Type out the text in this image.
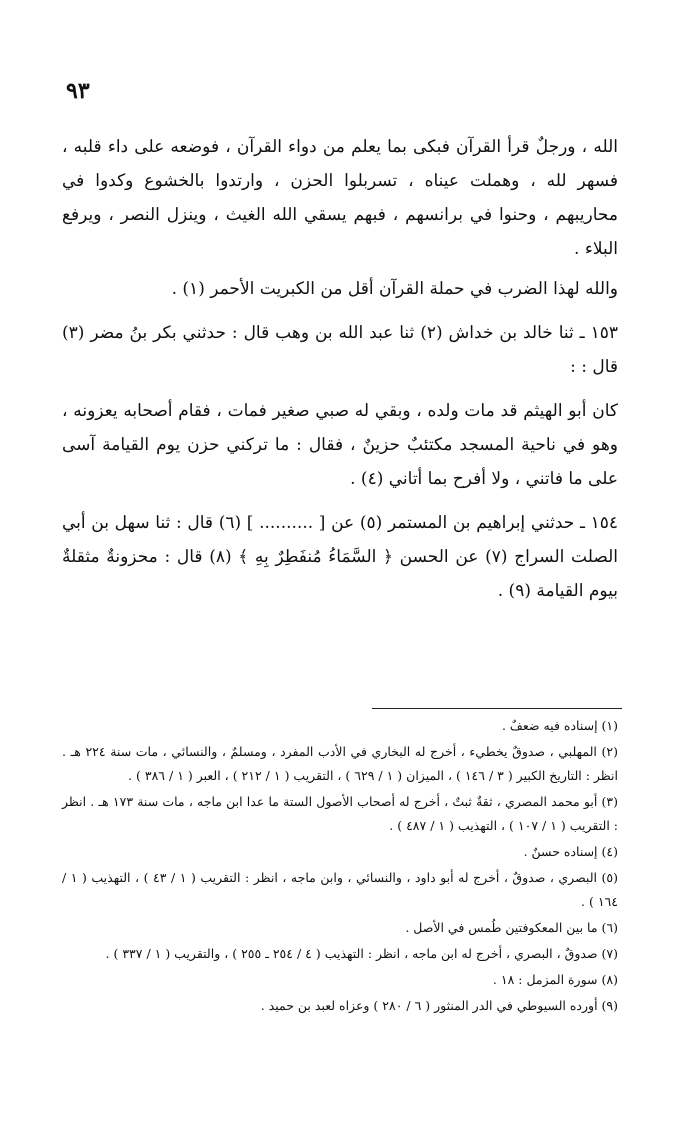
٩٣

الله ، ورجلٌ قرأ القرآن فبكى بما يعلم من دواء القرآن ، فوضعه على داء قلبه ، فسهر لله ، وهملت عيناه ، تسربلوا الحزن ، وارتدوا بالخشوع وكدوا في محاريبهم ، وحنوا في برانسهم ، فبهم يسقي الله الغيث ، وينزل النصر ، ويرفع البلاء .

والله لهذا الضرب في حملة القرآن أقل من الكبريت الأحمر (١) .

١٥٣ ـ ثنا خالد بن خداش (٢) ثنا عبد الله بن وهب قال : حدثني بكر بنُ مضر (٣) قال : :

كان أبو الهيثم قد مات ولده ، وبقي له صبي صغير فمات ، فقام أصحابه يعزونه ، وهو في ناحية المسجد مكتئبٌ حزينٌ ، فقال : ما تركني حزن يوم القيامة آسى على ما فاتني ، ولا أفرح بما أتاني (٤) .

١٥٤ ـ حدثني إبراهيم بن المستمر (٥) عن [ .......... ] (٦) قال : ثنا سهل بن أبي الصلت السراج (٧) عن الحسن ﴿ السَّمَاءُ مُنفَطِرٌ بِهِ ﴾ (٨) قال : محزونةٌ مثقلةٌ بيوم القيامة (٩) .

(١) إسناده فيه ضعفٌ .

(٢) المهلبي ، صدوقٌ يخطيء ، أخرج له البخاري في الأدب المفرد ، ومسلمٌ ، والنسائي ، مات سنة ٢٢٤ هـ . انظر : التاريخ الكبير ( ٣ / ١٤٦ ) ، الميزان ( ١ / ٦٢٩ ) ، التقريب ( ١ / ٢١٢ ) ، العبر ( ١ / ٣٨٦ ) .

(٣) أبو محمد المصري ، ثقةٌ ثبتٌ ، أخرج له أصحاب الأصول الستة ما عدا ابن ماجه ، مات سنة ١٧٣ هـ . انظر : التقريب ( ١ / ١٠٧ ) ، التهذيب ( ١ / ٤٨٧ ) .

(٤) إسناده حسنٌ .

(٥) البصري ، صدوقٌ ، أخرج له أبو داود ، والنسائي ، وابن ماجه ، انظر : التقريب ( ١ / ٤٣ ) ، التهذيب ( ١ / ١٦٤ ) .

(٦) ما بين المعكوفتين طُمس في الأصل .

(٧) صدوقٌ ، البصري ، أخرج له ابن ماجه ، انظر : التهذيب ( ٤ / ٢٥٤ ـ ٢٥٥ ) ، والتقريب ( ١ / ٣٣٧ ) .

(٨) سورة المزمل : ١٨ .

(٩) أورده السيوطي في الدر المنثور ( ٦ / ٢٨٠ ) وعزاه لعبد بن حميد .
